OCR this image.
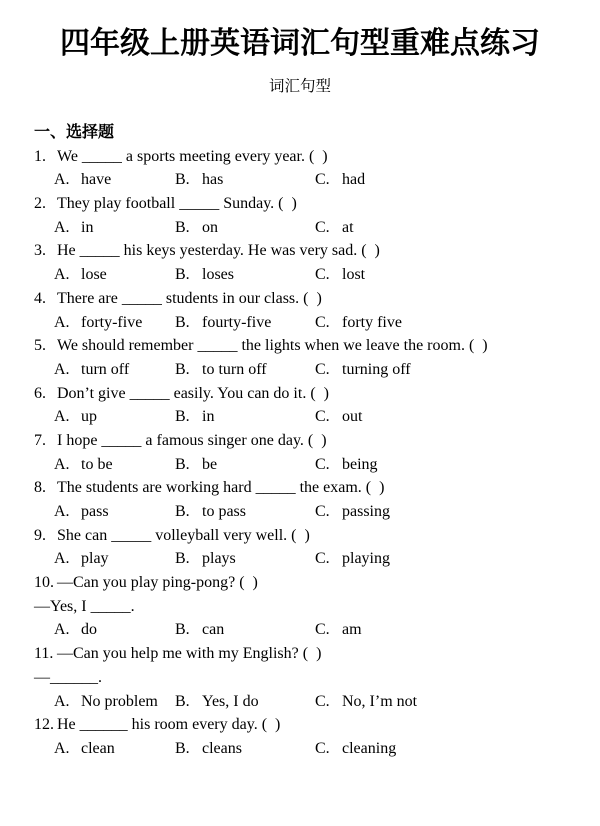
四年级上册英语词汇句型重难点练习
词汇句型
一、选择题
1. We _____ a sports meeting every year. (  )
A. have	B. has	C. had
2. They play football _____ Sunday. (  )
A. in	B. on	C. at
3. He _____ his keys yesterday. He was very sad. (  )
A. lose	B. loses	C. lost
4. There are _____ students in our class. (  )
A. forty-five	B. fourty-five	C. forty five
5. We should remember _____ the lights when we leave the room. (  )
A. turn off	B. to turn off	C. turning off
6. Don’t give _____ easily. You can do it. (  )
A. up	B. in	C. out
7. I hope _____ a famous singer one day. (  )
A. to be	B. be	C. being
8. The students are working hard _____ the exam. (  )
A. pass	B. to pass	C. passing
9. She can _____ volleyball very well. (  )
A. play	B. plays	C. playing
10. —Can you play ping-pong? (  )
—Yes, I _____.
A. do	B. can	C. am
11. —Can you help me with my English? (  )
—______.
A. No problem	B. Yes, I do	C. No, I’m not
12. He ______ his room every day. (  )
A. clean	B. cleans	C. cleaning
